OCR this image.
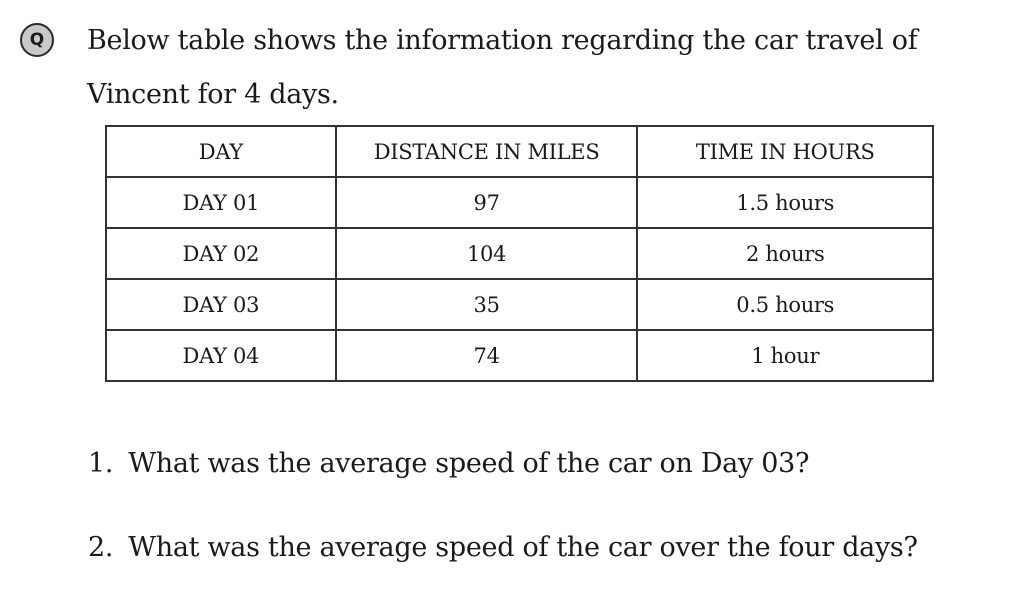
Q Below table shows the information regarding the car travel of Vincent for 4 days.

DAY	DISTANCE IN MILES	TIME IN HOURS
DAY 01	97	1.5 hours
DAY 02	104	2 hours
DAY 03	35	0.5 hours
DAY 04	74	1 hour
1. What was the average speed of the car on Day 03?
2. What was the average speed of the car over the four days?
